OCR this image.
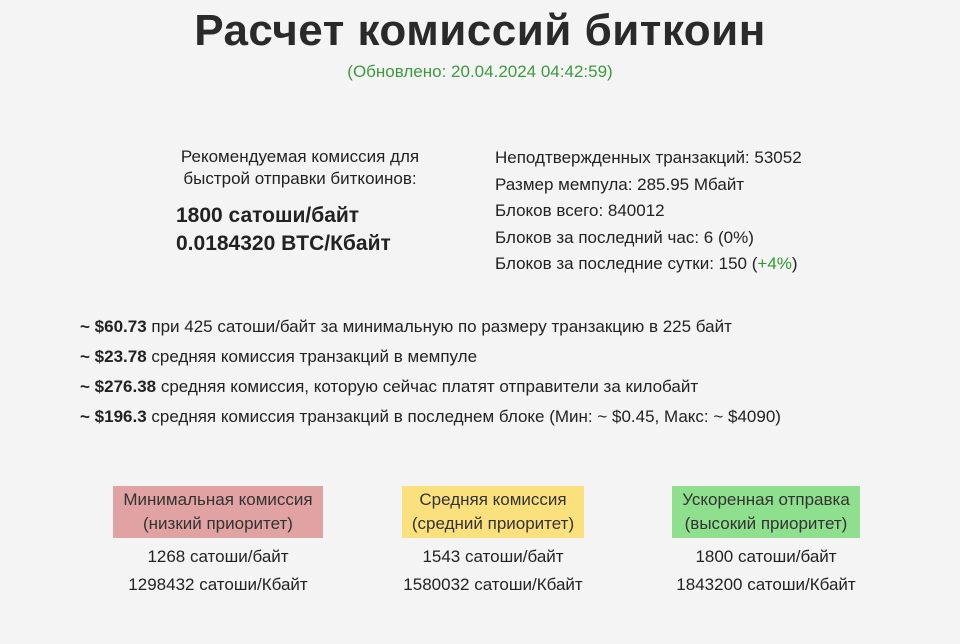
Расчет комиссий биткоин
(Обновлено: 20.04.2024 04:42:59)
Рекомендуемая комиссия для
быстрой отправки биткоинов:
1800 сатоши/байт
0.0184320 BTC/Кбайт
Неподтвержденных транзакций: 53052
Размер мемпула: 285.95 Мбайт
Блоков всего: 840012
Блоков за последний час: 6 (0%)
Блоков за последние сутки: 150 (+4%)
~ $60.73 при 425 сатоши/байт за минимальную по размеру транзакцию в 225 байт
~ $23.78 средняя комиссия транзакций в мемпуле
~ $276.38 средняя комиссия, которую сейчас платят отправители за килобайт
~ $196.3 средняя комиссия транзакций в последнем блоке (Мин: ~ $0.45, Макс: ~ $4090)
Минимальная комиссия
(низкий приоритет)
1268 сатоши/байт
1298432 сатоши/Кбайт
Средняя комиссия
(средний приоритет)
1543 сатоши/байт
1580032 сатоши/Кбайт
Ускоренная отправка
(высокий приоритет)
1800 сатоши/байт
1843200 сатоши/Кбайт
